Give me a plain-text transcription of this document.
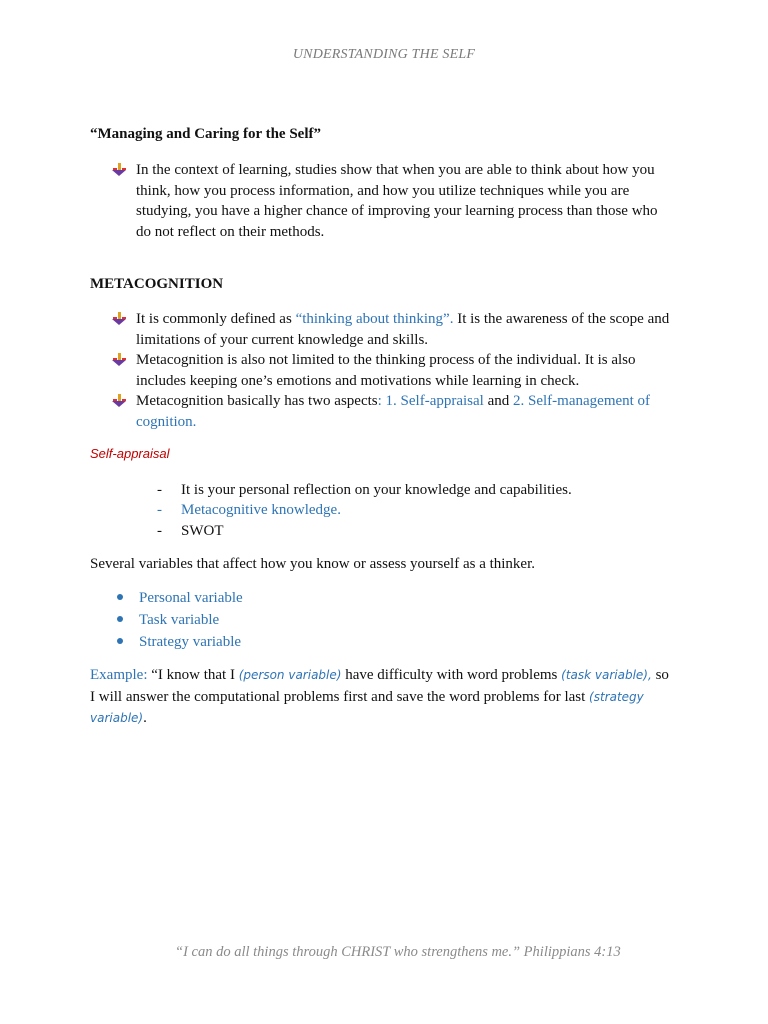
UNDERSTANDING THE SELF
“Managing and Caring for the Self”
In the context of learning, studies show that when you are able to think about how you
think, how you process information, and how you utilize techniques while you are
studying, you have a higher chance of improving your learning process than those who
do not reflect on their methods.
METACOGNITION
It is commonly defined as “thinking about thinking”. It is the awareness of the scope and
limitations of your current knowledge and skills.
Metacognition is also not limited to the thinking process of the individual. It is also
includes keeping one’s emotions and motivations while learning in check.
Metacognition basically has two aspects: 1. Self-appraisal and 2. Self-management of
cognition.
Self-appraisal
- It is your personal reflection on your knowledge and capabilities.
- Metacognitive knowledge.
- SWOT
Several variables that affect how you know or assess yourself as a thinker.
Personal variable
Task variable
Strategy variable
Example: “I know that I (person variable) have difficulty with word problems (task variable), so
I will answer the computational problems first and save the word problems for last (strategy
variable).
“I can do all things through CHRIST who strengthens me.” Philippians 4:13
